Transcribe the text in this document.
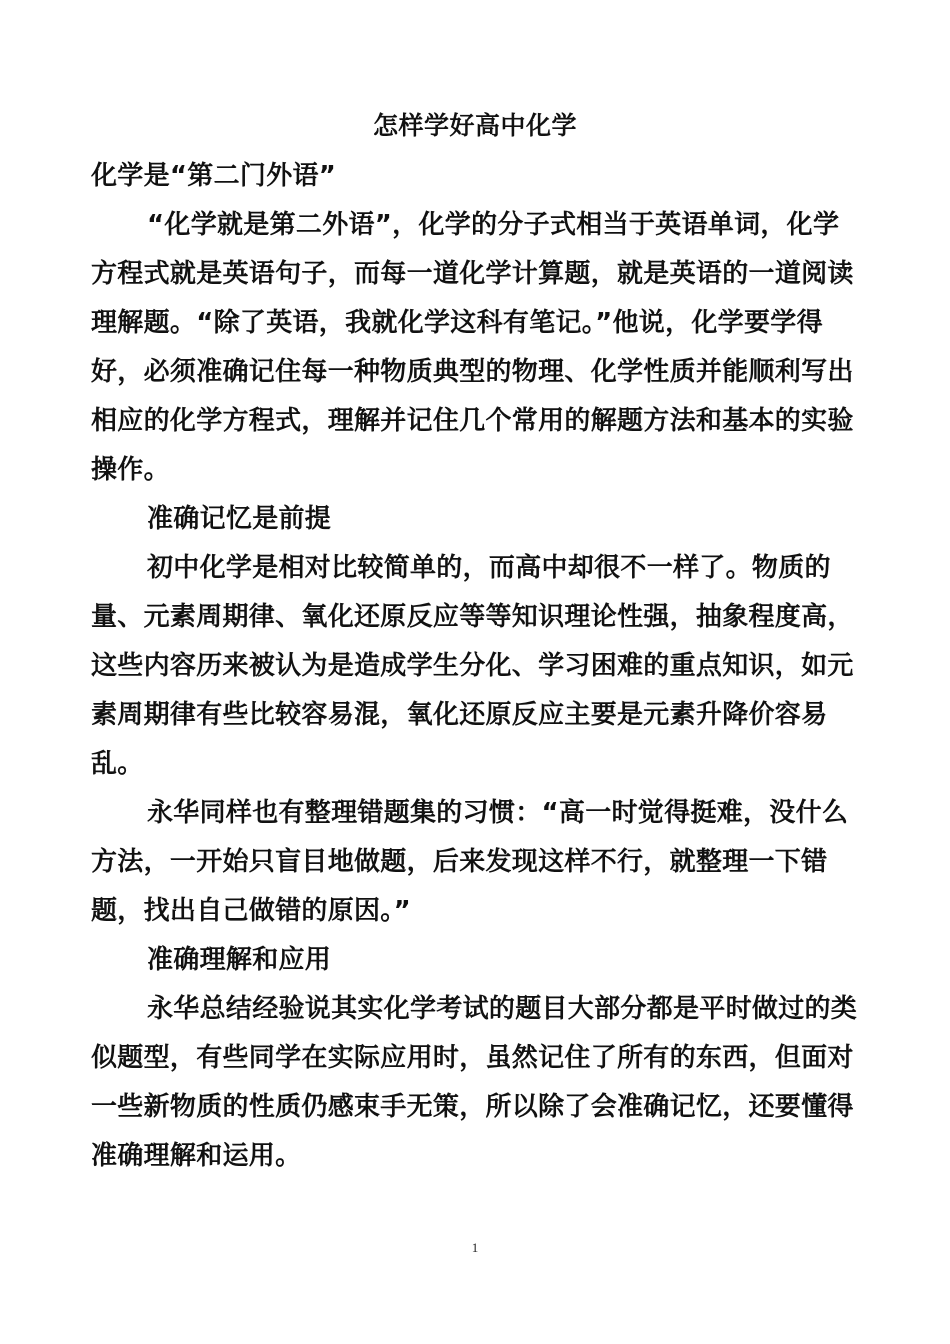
怎样学好高中化学

化学是“第二门外语”

“化学就是第二外语”，化学的分子式相当于英语单词，化学方程式就是英语句子，而每一道化学计算题，就是英语的一道阅读理解题。“除了英语，我就化学这科有笔记。”他说，化学要学得好，必须准确记住每一种物质典型的物理、化学性质并能顺利写出相应的化学方程式，理解并记住几个常用的解题方法和基本的实验操作。

准确记忆是前提

初中化学是相对比较简单的，而高中却很不一样了。物质的量、元素周期律、氧化还原反应等等知识理论性强，抽象程度高，这些内容历来被认为是造成学生分化、学习困难的重点知识，如元素周期律有些比较容易混，氧化还原反应主要是元素升降价容易乱。

永华同样也有整理错题集的习惯：“高一时觉得挺难，没什么方法，一开始只盲目地做题，后来发现这样不行，就整理一下错题，找出自己做错的原因。”

准确理解和应用

永华总结经验说其实化学考试的题目大部分都是平时做过的类似题型，有些同学在实际应用时，虽然记住了所有的东西，但面对一些新物质的性质仍感束手无策，所以除了会准确记忆，还要懂得准确理解和运用。

1
